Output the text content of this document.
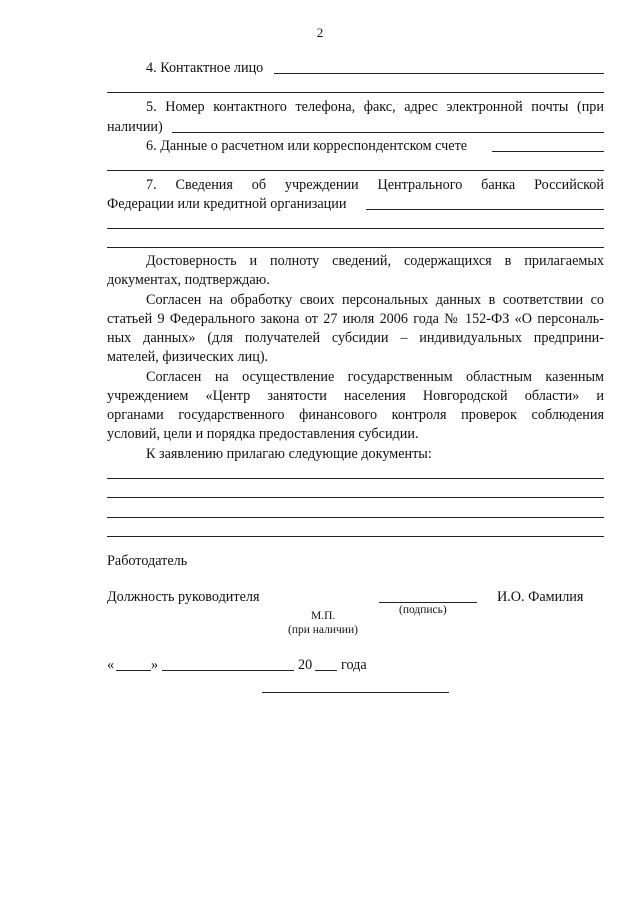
2
4. Контактное лицо
5. Номер контактного телефона, факс, адрес электронной почты (при
наличии)
6. Данные о расчетном или корреспондентском счете
7. Сведения об учреждении Центрального банка Российской
Федерации или кредитной организации
Достоверность и полноту сведений, содержащихся в прилагаемых
документах, подтверждаю.
Согласен на обработку своих персональных данных в соответствии со
статьей 9 Федерального закона от 27 июля 2006 года № 152-ФЗ «О персональ-
ных данных» (для получателей субсидии – индивидуальных предприни-
мателей, физических лиц).
Согласен на осуществление государственным областным казенным
учреждением «Центр занятости населения Новгородской области» и
органами государственного финансового контроля проверок соблюдения
условий, цели и порядка предоставления субсидии.
К заявлению прилагаю следующие документы:
Работодатель
Должность руководителя
(подпись)
И.О. Фамилия
М.П.
(при наличии)
«	»	20 года
